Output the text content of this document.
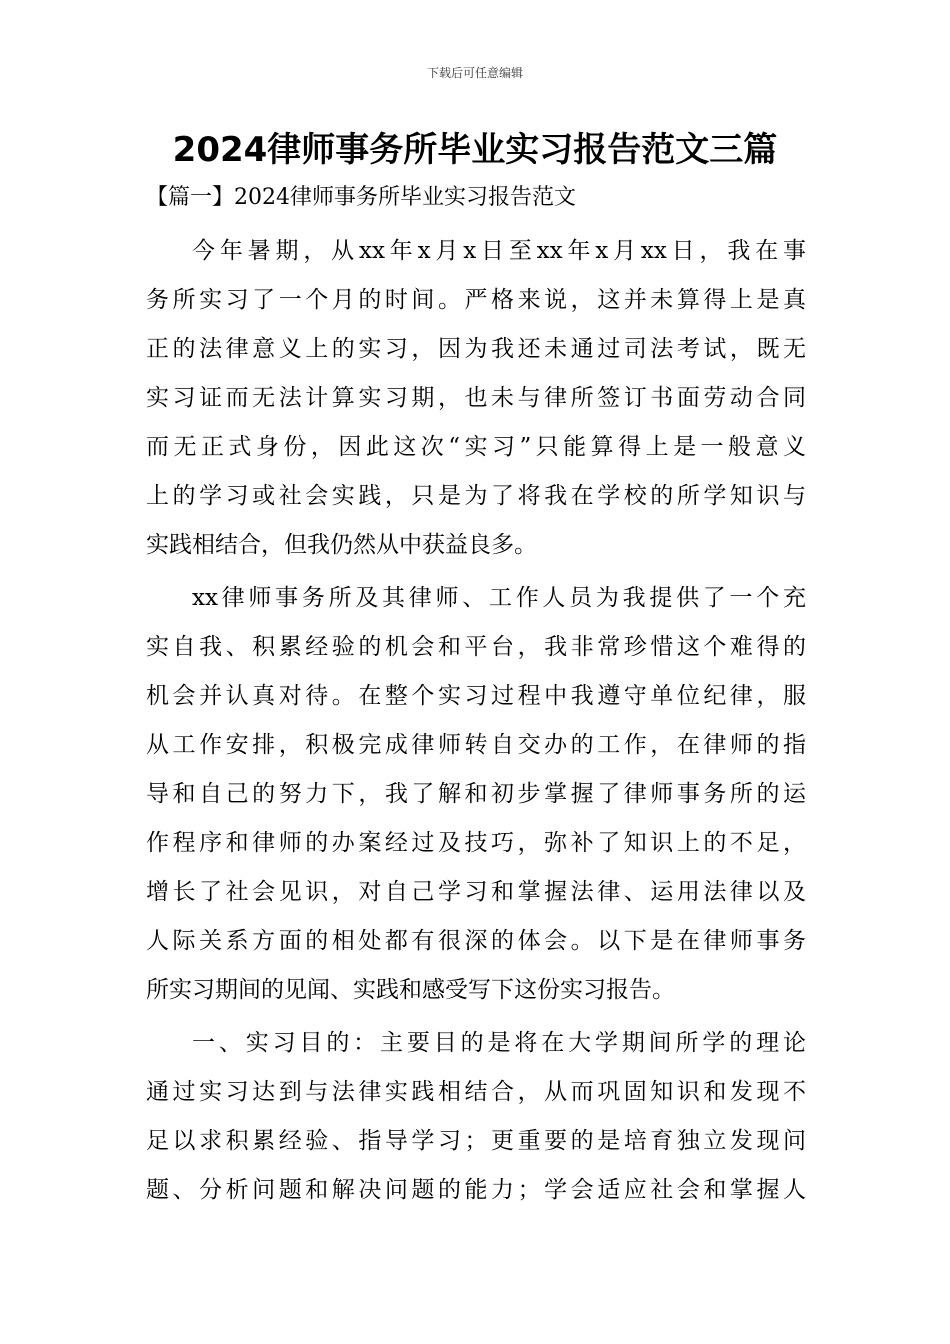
下载后可任意编辑
2024律师事务所毕业实习报告范文三篇
【篇一】2024律师事务所毕业实习报告范文
今年暑期，从xx年x月x日至xx年x月xx日，我在事
务所实习了一个月的时间。严格来说，这并未算得上是真
正的法律意义上的实习，因为我还未通过司法考试，既无
实习证而无法计算实习期，也未与律所签订书面劳动合同
而无正式身份，因此这次“实习”只能算得上是一般意义
上的学习或社会实践，只是为了将我在学校的所学知识与
实践相结合，但我仍然从中获益良多。
xx律师事务所及其律师、工作人员为我提供了一个充
实自我、积累经验的机会和平台，我非常珍惜这个难得的
机会并认真对待。在整个实习过程中我遵守单位纪律，服
从工作安排，积极完成律师转自交办的工作，在律师的指
导和自己的努力下，我了解和初步掌握了律师事务所的运
作程序和律师的办案经过及技巧，弥补了知识上的不足，
增长了社会见识，对自己学习和掌握法律、运用法律以及
人际关系方面的相处都有很深的体会。以下是在律师事务
所实习期间的见闻、实践和感受写下这份实习报告。
一、实习目的：主要目的是将在大学期间所学的理论
通过实习达到与法律实践相结合，从而巩固知识和发现不
足以求积累经验、指导学习；更重要的是培育独立发现问
题、分析问题和解决问题的能力；学会适应社会和掌握人
